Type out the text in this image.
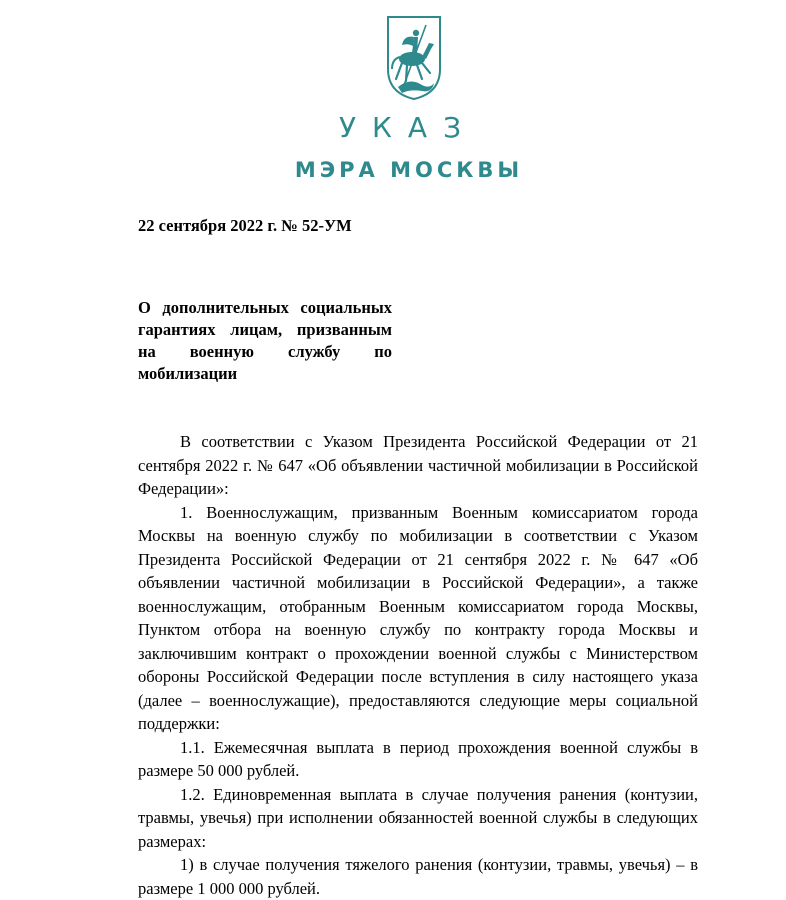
УКАЗ
МЭРА МОСКВЫ
22 сентября 2022 г. № 52-УМ
О дополнительных социальных гарантиях лицам, призванным на военную службу по мобилизации

В соответствии с Указом Президента Российской Федерации от 21 сентября 2022 г. № 647 «Об объявлении частичной мобилизации в Российской Федерации»:

1. Военнослужащим, призванным Военным комиссариатом города Москвы на военную службу по мобилизации в соответствии с Указом Президента Российской Федерации от 21 сентября 2022 г. № 647 «Об объявлении частичной мобилизации в Российской Федерации», а также военнослужащим, отобранным Военным комиссариатом города Москвы, Пунктом отбора на военную службу по контракту города Москвы и заключившим контракт о прохождении военной службы с Министерством обороны Российской Федерации после вступления в силу настоящего указа (далее – военнослужащие), предоставляются следующие меры социальной поддержки:

1.1. Ежемесячная выплата в период прохождения военной службы в размере 50 000 рублей.

1.2. Единовременная выплата в случае получения ранения (контузии, травмы, увечья) при исполнении обязанностей военной службы в следующих размерах:

1) в случае получения тяжелого ранения (контузии, травмы, увечья) – в размере 1 000 000 рублей.
